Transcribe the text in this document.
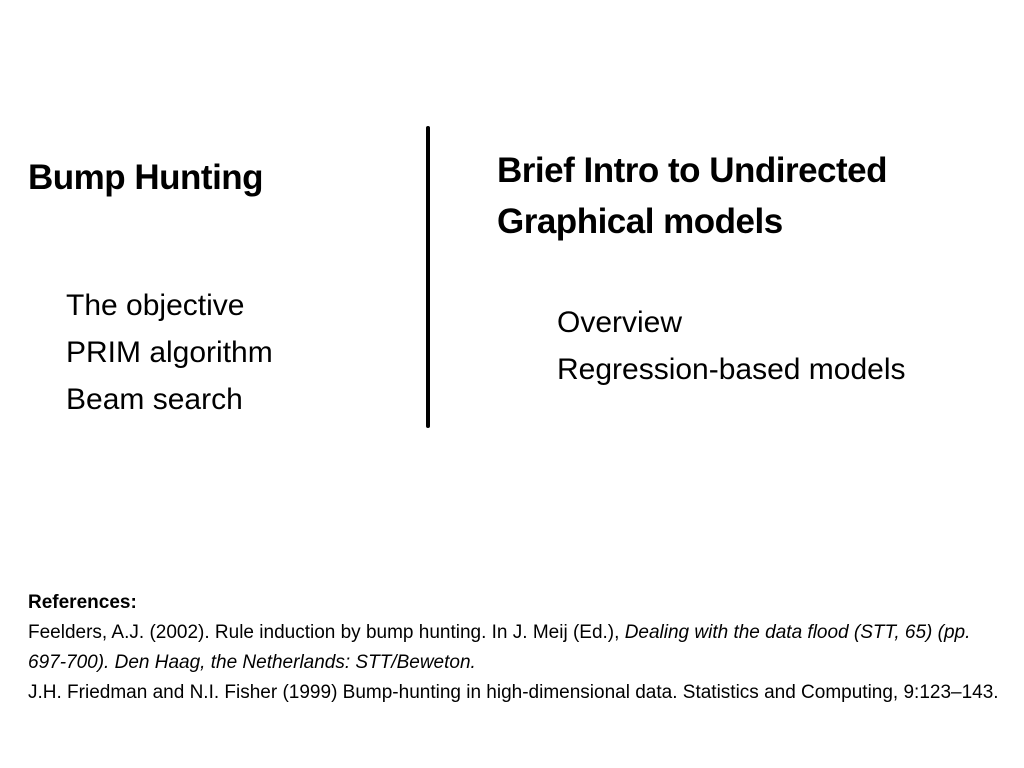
Bump Hunting
The objective
PRIM algorithm
Beam search
Brief Intro to Undirected Graphical models
Overview
Regression-based models
References:
Feelders, A.J. (2002). Rule induction by bump hunting. In J. Meij (Ed.), Dealing with the data flood (STT, 65) (pp. 697-700). Den Haag, the Netherlands: STT/Beweton.
J.H. Friedman and N.I. Fisher (1999) Bump-hunting in high-dimensional data. Statistics and Computing, 9:123–143.
